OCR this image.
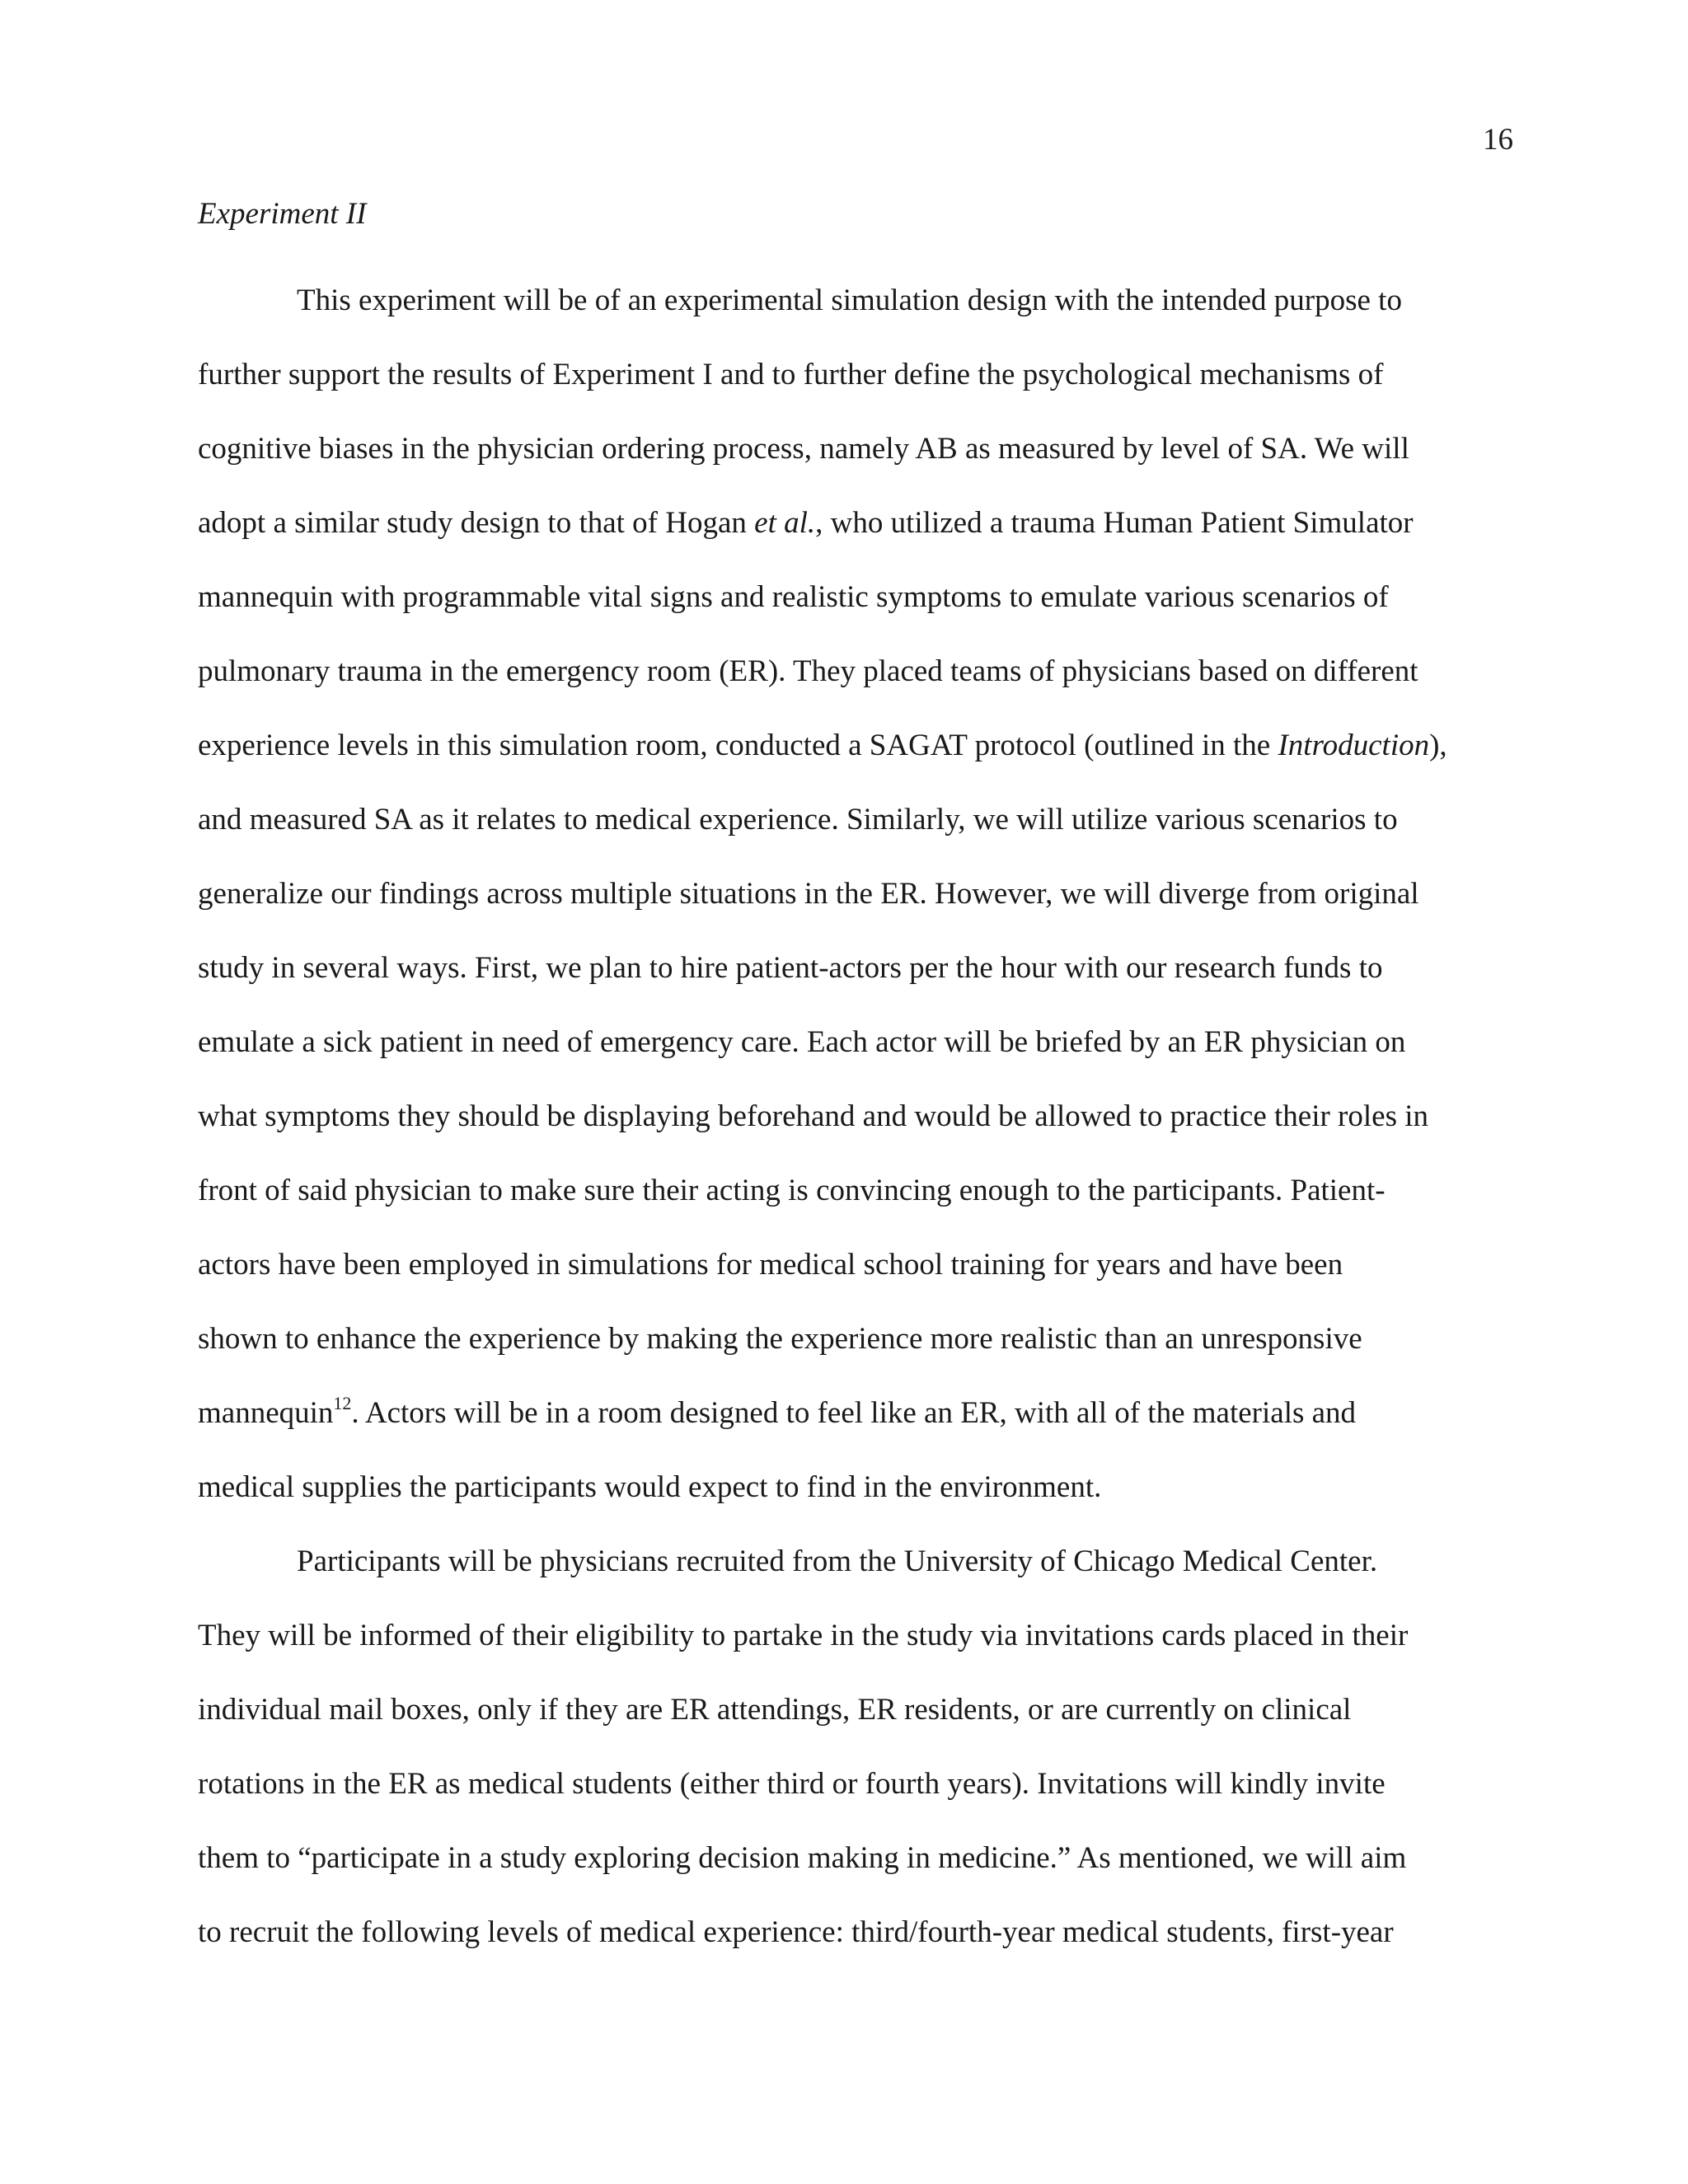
16
Experiment II

This experiment will be of an experimental simulation design with the intended purpose to
further support the results of Experiment I and to further define the psychological mechanisms of
cognitive biases in the physician ordering process, namely AB as measured by level of SA. We will
adopt a similar study design to that of Hogan et al., who utilized a trauma Human Patient Simulator
mannequin with programmable vital signs and realistic symptoms to emulate various scenarios of
pulmonary trauma in the emergency room (ER). They placed teams of physicians based on different
experience levels in this simulation room, conducted a SAGAT protocol (outlined in the Introduction),
and measured SA as it relates to medical experience. Similarly, we will utilize various scenarios to
generalize our findings across multiple situations in the ER. However, we will diverge from original
study in several ways. First, we plan to hire patient-actors per the hour with our research funds to
emulate a sick patient in need of emergency care. Each actor will be briefed by an ER physician on
what symptoms they should be displaying beforehand and would be allowed to practice their roles in
front of said physician to make sure their acting is convincing enough to the participants. Patient-
actors have been employed in simulations for medical school training for years and have been
shown to enhance the experience by making the experience more realistic than an unresponsive
mannequin$^{12}$. Actors will be in a room designed to feel like an ER, with all of the materials and
medical supplies the participants would expect to find in the environment.

Participants will be physicians recruited from the University of Chicago Medical Center.
They will be informed of their eligibility to partake in the study via invitations cards placed in their
individual mail boxes, only if they are ER attendings, ER residents, or are currently on clinical
rotations in the ER as medical students (either third or fourth years). Invitations will kindly invite
them to “participate in a study exploring decision making in medicine.” As mentioned, we will aim
to recruit the following levels of medical experience: third/fourth-year medical students, first-year
